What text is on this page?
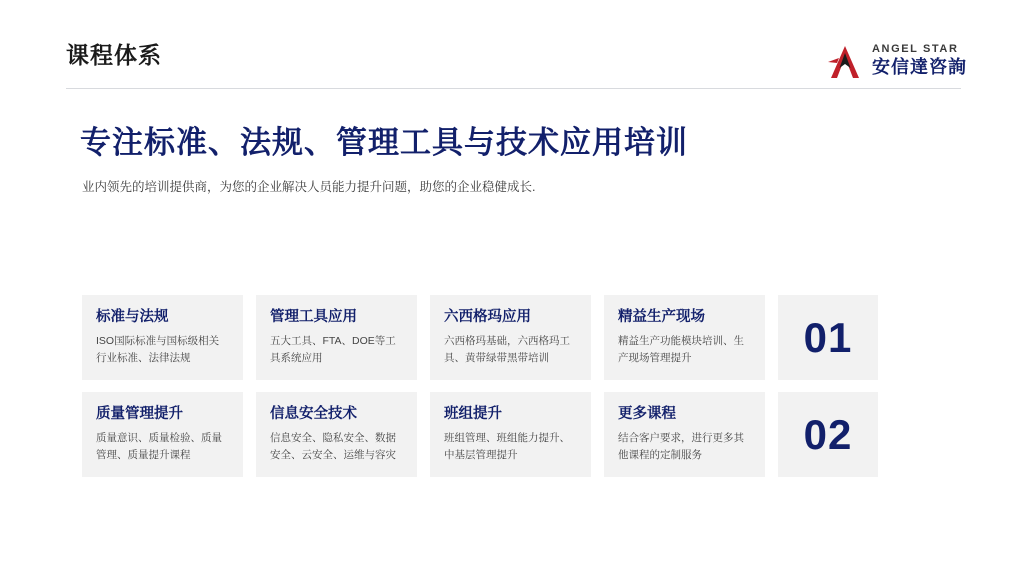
课程体系	ANGEL STAR
安信達咨詢
专注标准、法规、管理工具与技术应用培训
业内领先的培训提供商，为您的企业解决人员能力提升问题，助您的企业稳健成长.
标准与法规
ISO国际标准与国标级相关行业标准、法律法规
管理工具应用
五大工具、FTA、DOE等工具系统应用
六西格玛应用
六西格玛基础，六西格玛工具、黄带绿带黑带培训
精益生产现场
精益生产功能模块培训、生产现场管理提升	01
质量管理提升
质量意识、质量检验、质量管理、质量提升课程
信息安全技术
信息安全、隐私安全、数据安全、云安全、运维与容灾
班组提升
班组管理、班组能力提升、中基层管理提升
更多课程
结合客户要求，进行更多其他课程的定制服务	02
